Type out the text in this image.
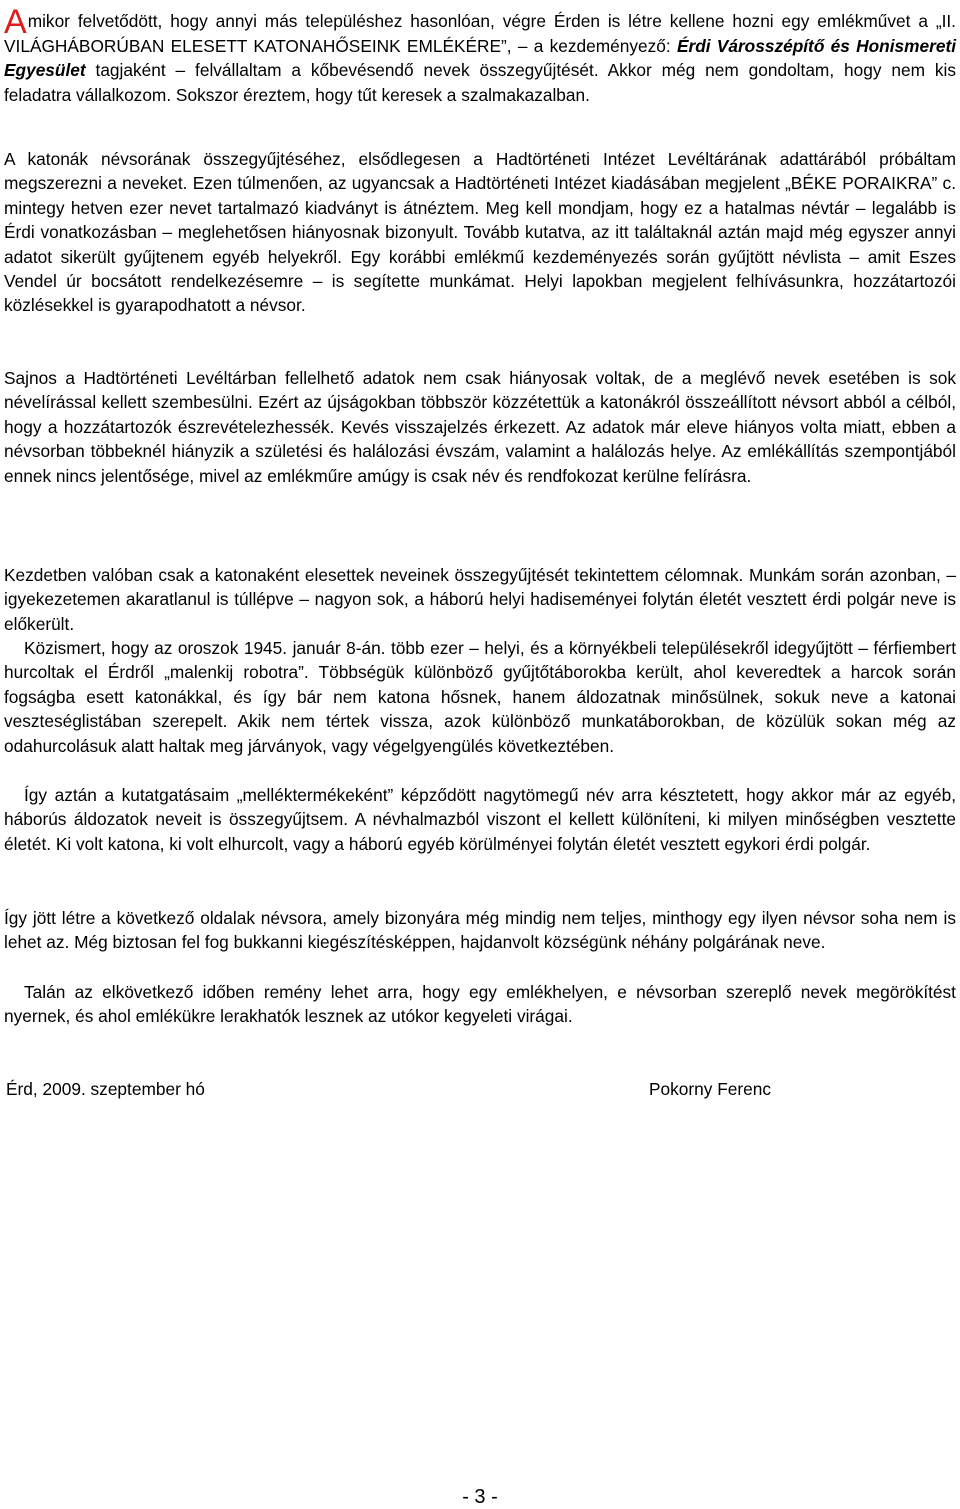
Amikor felvetődött, hogy annyi más településhez hasonlóan, végre Érden is létre kellene hozni egy emlékművet a „II. VILÁGHÁBORÚBAN ELESETT KATONAHŐSEINK EMLÉKÉRE”, – a kezdeményező: Érdi Városszépítő és Honismereti Egyesület tagjaként – felvállaltam a kőbevésendő nevek összegyűjtését. Akkor még nem gondoltam, hogy nem kis feladatra vállalkozom. Sokszor éreztem, hogy tűt keresek a szalmakazalban.

A katonák névsorának összegyűjtéséhez, elsődlegesen a Hadtörténeti Intézet Levéltárának adattárából próbáltam megszerezni a neveket. Ezen túlmenően, az ugyancsak a Hadtörténeti Intézet kiadásában megjelent „BÉKE PORAIKRA” c. mintegy hetven ezer nevet tartalmazó kiadványt is átnéztem. Meg kell mondjam, hogy ez a hatalmas névtár – legalább is Érdi vonatkozásban – meglehetősen hiányosnak bizonyult. Tovább kutatva, az itt találtaknál aztán majd még egyszer annyi adatot sikerült gyűjtenem egyéb helyekről. Egy korábbi emlékmű kezdeményezés során gyűjtött névlista – amit Eszes Vendel úr bocsátott rendelkezésemre – is segítette munkámat. Helyi lapokban megjelent felhívásunkra, hozzátartozói közlésekkel is gyarapodhatott a névsor.

Sajnos a Hadtörténeti Levéltárban fellelhető adatok nem csak hiányosak voltak, de a meglévő nevek esetében is sok névelírással kellett szembesülni. Ezért az újságokban többször közzétettük a katonákról összeállított névsort abból a célból, hogy a hozzátartozók észrevételezhessék. Kevés visszajelzés érkezett. Az adatok már eleve hiányos volta miatt, ebben a névsorban többeknél hiányzik a születési és halálozási évszám, valamint a halálozás helye. Az emlékállítás szempontjából ennek nincs jelentősége, mivel az emlékműre amúgy is csak név és rendfokozat kerülne felírásra.

Kezdetben valóban csak a katonaként elesettek neveinek összegyűjtését tekintettem célomnak. Munkám során azonban, – igyekezetemen akaratlanul is túllépve – nagyon sok, a háború helyi hadiseményei folytán életét vesztett érdi polgár neve is előkerült.

Közismert, hogy az oroszok 1945. január 8-án. több ezer – helyi, és a környékbeli településekről idegyűjtött – férfiembert hurcoltak el Érdről „malenkij robotra”. Többségük különböző gyűjtőtáborokba került, ahol keveredtek a harcok során fogságba esett katonákkal, és így bár nem katona hősnek, hanem áldozatnak minősülnek, sokuk neve a katonai veszteséglistában szerepelt. Akik nem tértek vissza, azok különböző munkatáborokban, de közülük sokan még az odahurcolásuk alatt haltak meg járványok, vagy végelgyengülés következtében.

Így aztán a kutatgatásaim „melléktermékeként” képződött nagytömegű név arra késztetett, hogy akkor már az egyéb, háborús áldozatok neveit is összegyűjtsem. A névhalmazból viszont el kellett különíteni, ki milyen minőségben vesztette életét. Ki volt katona, ki volt elhurcolt, vagy a háború egyéb körülményei folytán életét vesztett egykori érdi polgár.

Így jött létre a következő oldalak névsora, amely bizonyára még mindig nem teljes, minthogy egy ilyen névsor soha nem is lehet az. Még biztosan fel fog bukkanni kiegészítésképpen, hajdanvolt községünk néhány polgárának neve.

Talán az elkövetkező időben remény lehet arra, hogy egy emlékhelyen, e névsorban szereplő nevek megörökítést nyernek, és ahol emlékükre lerakhatók lesznek az utókor kegyeleti virágai.

Érd, 2009. szeptember hó	Pokorny Ferenc
- 3 -
